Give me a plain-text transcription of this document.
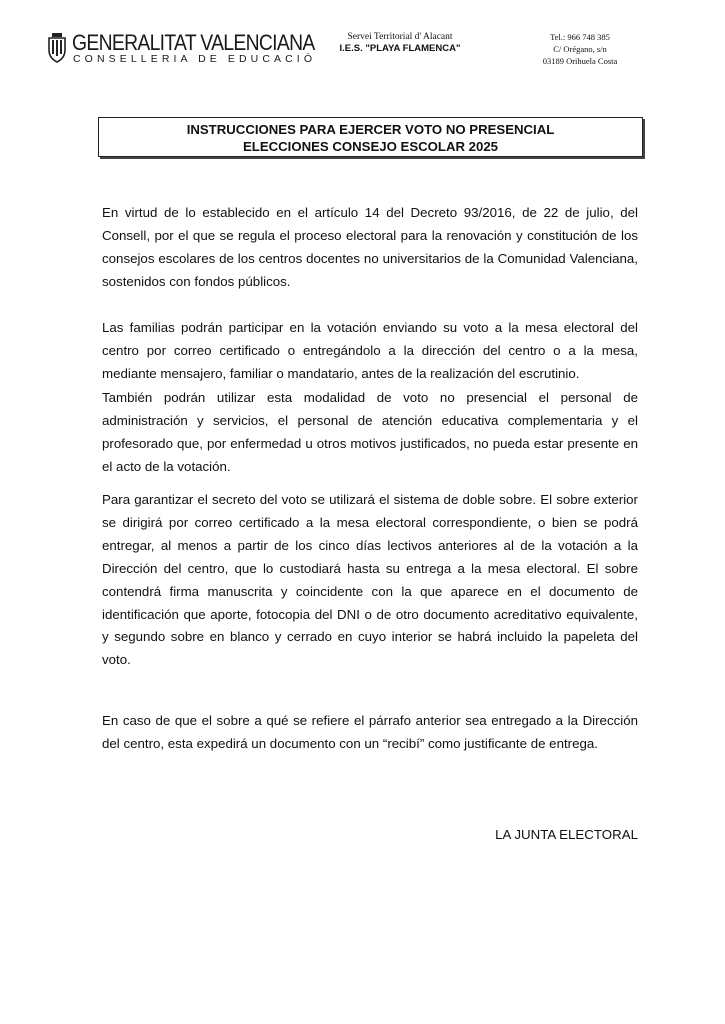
GENERALITAT VALENCIANA
CONSELLERIA DE EDUCACIÓ
Servei Territorial d' Alacant
I.E.S. "PLAYA FLAMENCA"
Tel.: 966 748 385
C/ Orégano, s/n
03189 Orihuela Costa
INSTRUCCIONES PARA EJERCER VOTO NO PRESENCIAL
ELECCIONES CONSEJO ESCOLAR 2025

En virtud de lo establecido en el artículo 14 del Decreto 93/2016, de 22 de julio, del Consell, por el que se regula el proceso electoral para la renovación y constitución de los consejos escolares de los centros docentes no universitarios de la Comunidad Valenciana, sostenidos con fondos públicos.

Las familias podrán participar en la votación enviando su voto a la mesa electoral del centro por correo certificado o entregándolo a la dirección del centro o a la mesa, mediante mensajero, familiar o mandatario, antes de la realización del escrutinio.

También podrán utilizar esta modalidad de voto no presencial el personal de administración y servicios, el personal de atención educativa complementaria y el profesorado que, por enfermedad u otros motivos justificados, no pueda estar presente en el acto de la votación.

Para garantizar el secreto del voto se utilizará el sistema de doble sobre. El sobre exterior se dirigirá por correo certificado a la mesa electoral correspondiente, o bien se podrá entregar, al menos a partir de los cinco días lectivos anteriores al de la votación a la Dirección del centro, que lo custodiará hasta su entrega a la mesa electoral. El sobre contendrá firma manuscrita y coincidente con la que aparece en el documento de identificación que aporte, fotocopia del DNI o de otro documento acreditativo equivalente, y segundo sobre en blanco y cerrado en cuyo interior se habrá incluido la papeleta del voto.

En caso de que el sobre a qué se refiere el párrafo anterior sea entregado a la Dirección del centro, esta expedirá un documento con un “recibí” como justificante de entrega.

LA JUNTA ELECTORAL
